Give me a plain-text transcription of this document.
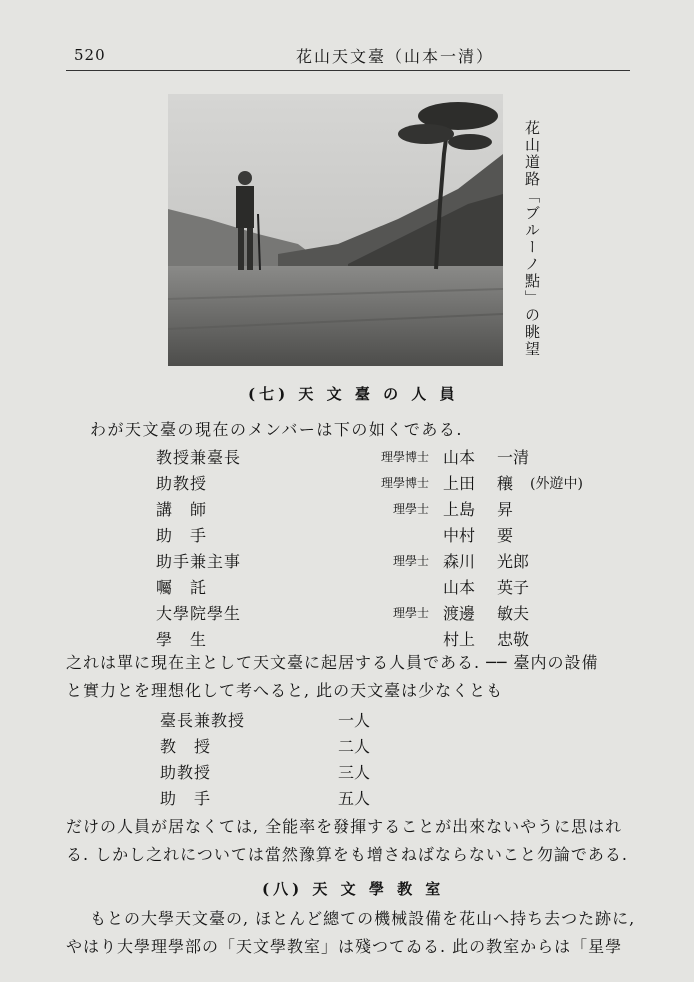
520	花山天文臺（山本一清）
花山道路「ブルーノ點」の眺望
(七) 天 文 臺 の 人 員
わが天文臺の現在のメンバーは下の如くである.
教授兼臺長	理學博士 山本 一清
助教授	理學博士 上田 穰 (外遊中)
講　師	理學士 上島 昇
助　手	中村 要
助手兼主事	理學士 森川 光郎
囑　託	山本 英子
大學院學生	理學士 渡邊 敏夫
學　生	村上 忠敬
之れは單に現在主として天文臺に起居する人員である. ── 臺内の設備
と實力とを理想化して考へると, 此の天文臺は少なくとも
臺長兼教授	一人
教　授	二人
助教授	三人
助　手	五人
だけの人員が居なくては, 全能率を發揮することが出來ないやうに思はれ
る. しかし之れについては當然豫算をも增さねばならないこと勿論である.
(八) 天 文 學 教 室
もとの大學天文臺の, ほとんど總ての機械設備を花山へ持ち去つた跡に,
やはり大學理學部の「天文學教室」は殘つてゐる. 此の教室からは「星學
